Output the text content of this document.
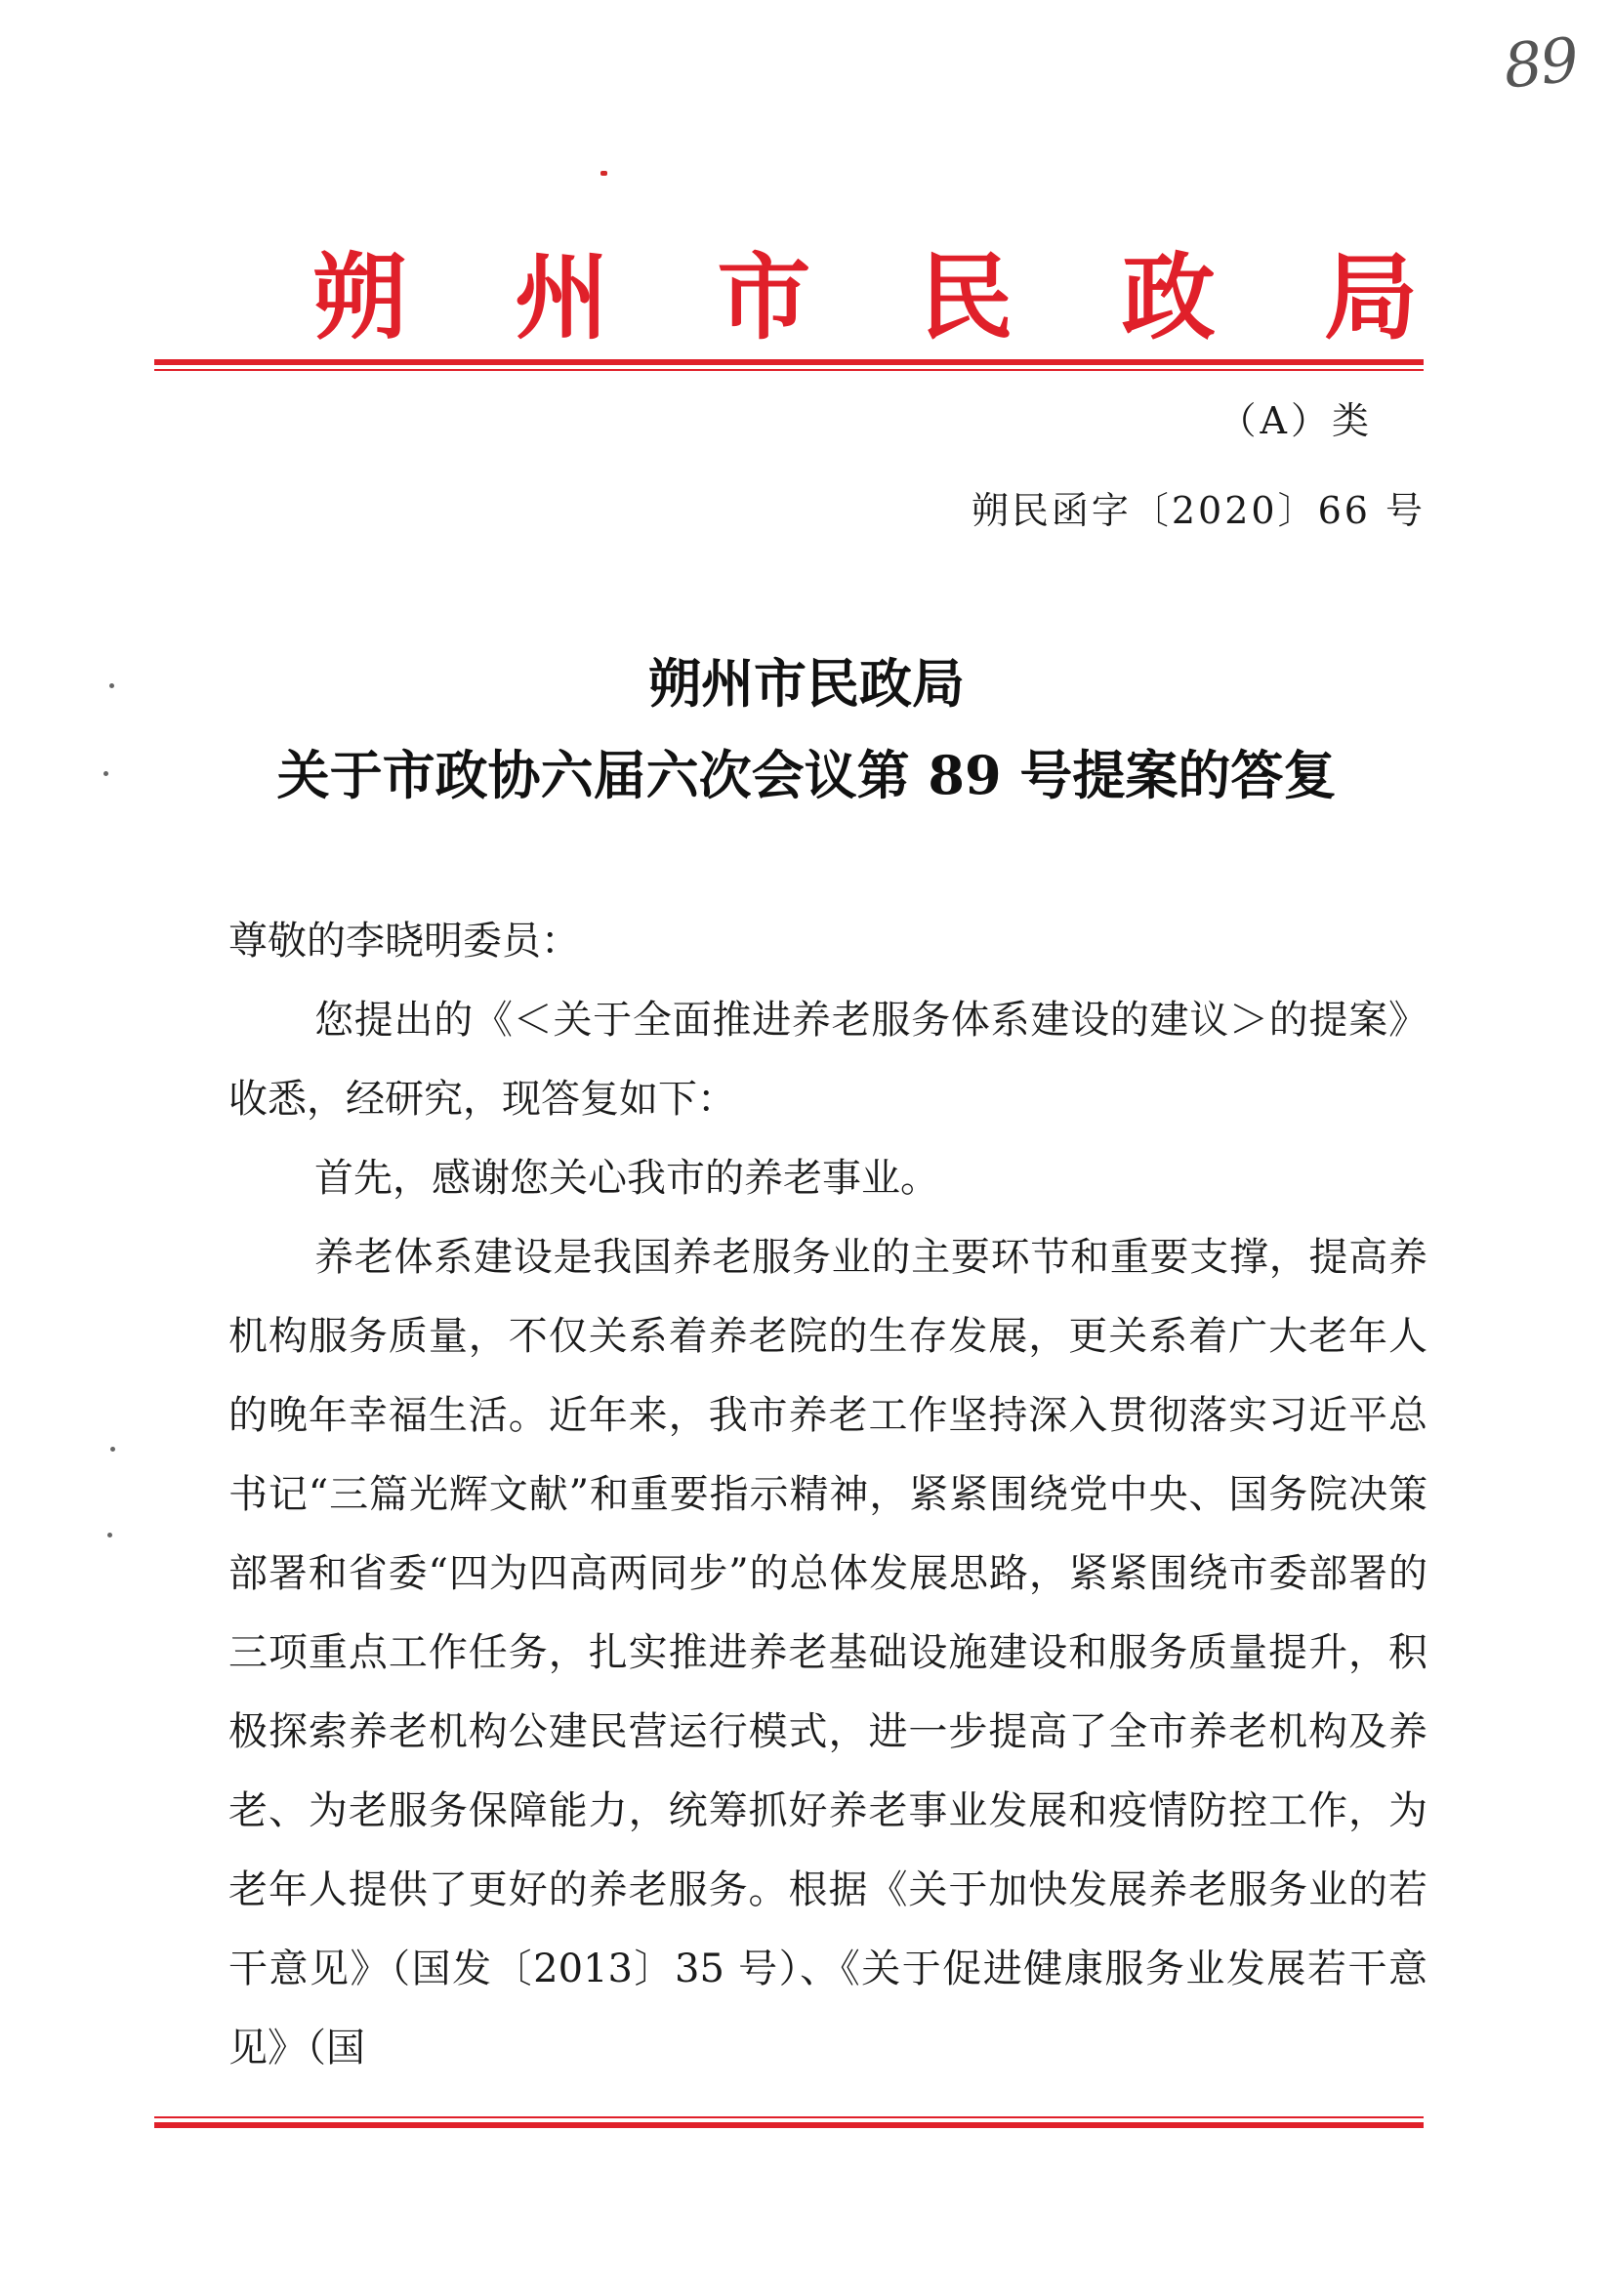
89
朔 州 市 民 政 局
（A）类
朔民函字〔2020〕66 号
朔州市民政局
关于市政协六届六次会议第 89 号提案的答复

尊敬的李晓明委员：

您提出的《＜关于全面推进养老服务体系建设的建议＞的提案》收悉，经研究，现答复如下：

首先，感谢您关心我市的养老事业。

养老体系建设是我国养老服务业的主要环节和重要支撑，提高养机构服务质量，不仅关系着养老院的生存发展，更关系着广大老年人的晚年幸福生活。近年来，我市养老工作坚持深入贯彻落实习近平总书记“三篇光辉文献”和重要指示精神，紧紧围绕党中央、国务院决策部署和省委“四为四高两同步”的总体发展思路，紧紧围绕市委部署的三项重点工作任务，扎实推进养老基础设施建设和服务质量提升，积极探索养老机构公建民营运行模式，进一步提高了全市养老机构及养老、为老服务保障能力，统筹抓好养老事业发展和疫情防控工作，为老年人提供了更好的养老服务。根据《关于加快发展养老服务业的若干意见》（国发〔2013〕35 号）、《关于促进健康服务业发展若干意见》（国
